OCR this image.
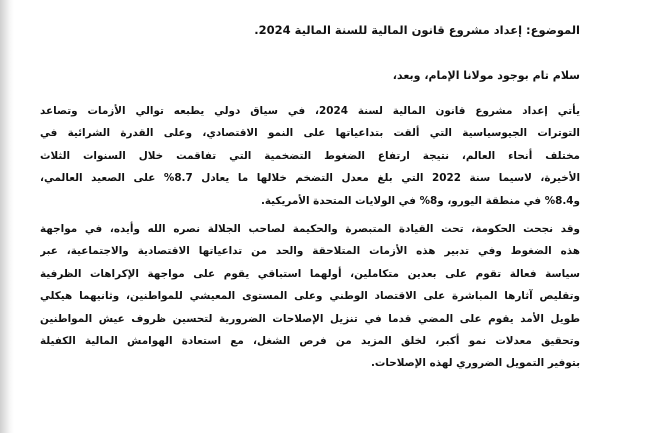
الموضوع: إعداد مشروع قانون المالية للسنة المالية 2024.

سلام تام بوجود مولانا الإمام، وبعد،

يأتي إعداد مشروع قانون المالية لسنة 2024، في سياق دولي يطبعه توالي الأزمات وتصاعد
التوترات الجيوسياسية التي ألقت بتداعياتها على النمو الاقتصادي، وعلى القدرة الشرائية في
مختلف أنحاء العالم، نتيجة ارتفاع الضغوط التضخمية التي تفاقمت خلال السنوات الثلاث
الأخيرة، لاسيما سنة 2022 التي بلغ معدل التضخم خلالها ما يعادل 8.7% على الصعيد العالمي،
و8.4% في منطقة اليورو، و8% في الولايات المتحدة الأمريكية.
وقد نجحت الحكومة، تحت القيادة المتبصرة والحكيمة لصاحب الجلالة نصره الله وأيده، في مواجهة
هذه الضغوط وفي تدبير هذه الأزمات المتلاحقة والحد من تداعياتها الاقتصادية والاجتماعية، عبر
سياسة فعالة تقوم على بعدين متكاملين، أولهما استباقي يقوم على مواجهة الإكراهات الظرفية
وتقليص آثارها المباشرة على الاقتصاد الوطني وعلى المستوى المعيشي للمواطنين، وثانيهما هيكلي
طويل الأمد يقوم على المضي قدما في تنزيل الإصلاحات الضرورية لتحسين ظروف عيش المواطنين
وتحقيق معدلات نمو أكبر، لخلق المزيد من فرص الشغل، مع استعادة الهوامش المالية الكفيلة
بتوفير التمويل الضروري لهذه الإصلاحات.
